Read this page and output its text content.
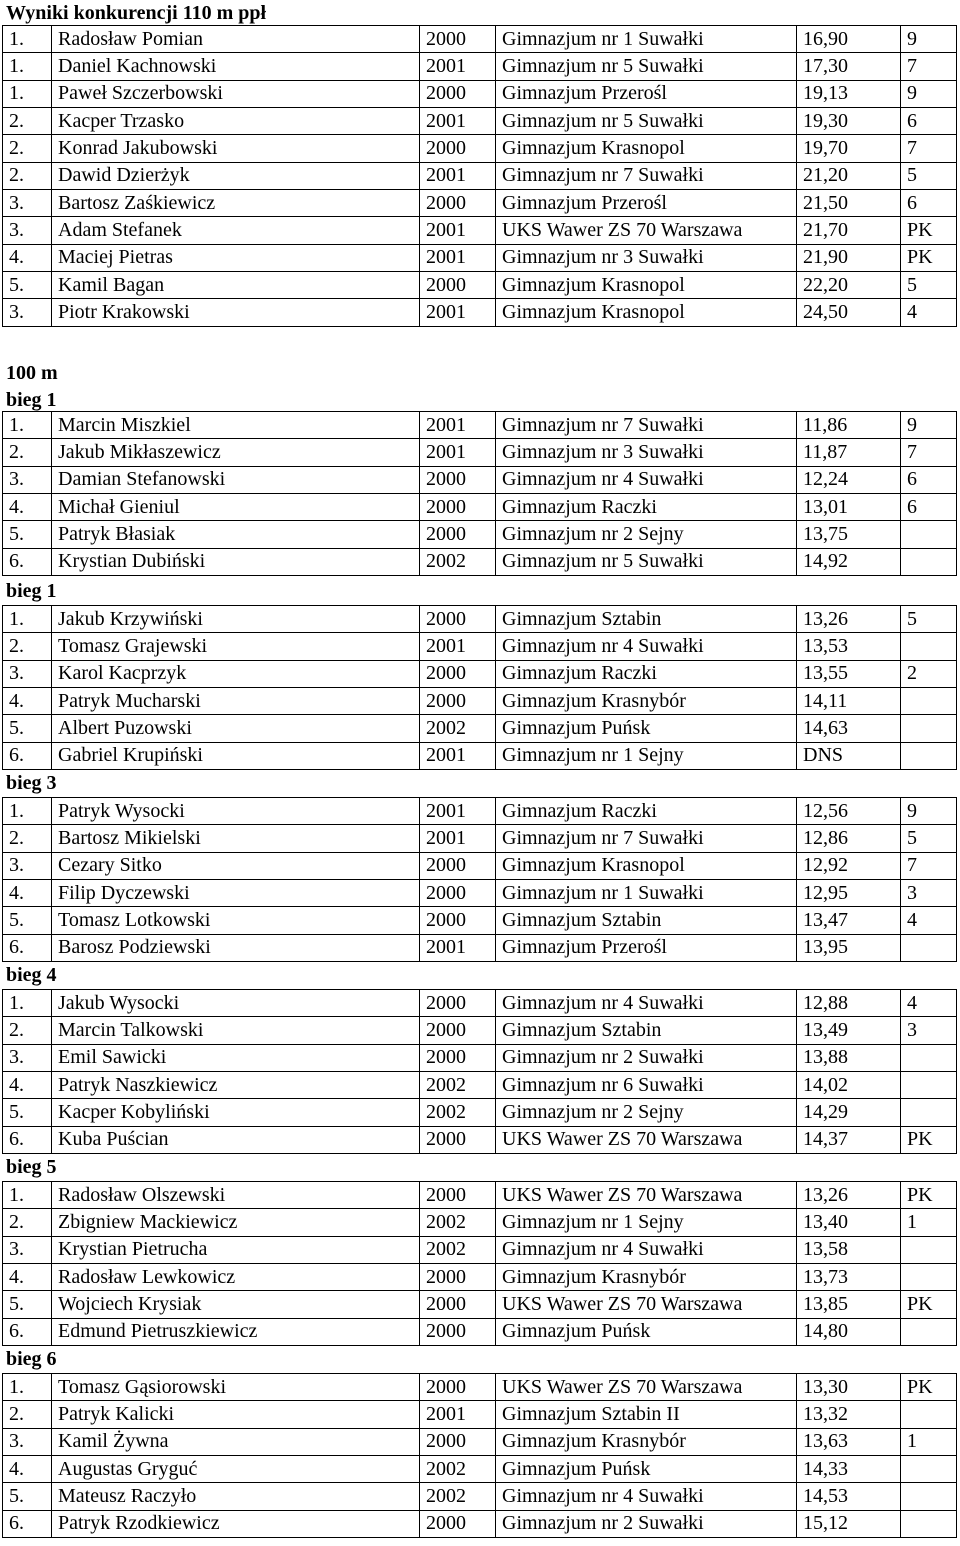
Wyniki konkurencji 110 m ppł
1.	Radosław Pomian	2000	Gimnazjum nr 1 Suwałki	16,90	9
1.	Daniel Kachnowski	2001	Gimnazjum nr 5 Suwałki	17,30	7
1.	Paweł Szczerbowski	2000	Gimnazjum Przerośl	19,13	9
2.	Kacper Trzasko	2001	Gimnazjum nr 5 Suwałki	19,30	6
2.	Konrad Jakubowski	2000	Gimnazjum Krasnopol	19,70	7
2.	Dawid Dzierżyk	2001	Gimnazjum nr 7 Suwałki	21,20	5
3.	Bartosz Zaśkiewicz	2000	Gimnazjum Przerośl	21,50	6
3.	Adam Stefanek	2001	UKS Wawer ZS 70 Warszawa	21,70	PK
4.	Maciej Pietras	2001	Gimnazjum nr 3 Suwałki	21,90	PK
5.	Kamil Bagan	2000	Gimnazjum Krasnopol	22,20	5
3.	Piotr Krakowski	2001	Gimnazjum Krasnopol	24,50	4
100 m
bieg 1
1.	Marcin Miszkiel	2001	Gimnazjum nr 7 Suwałki	11,86	9
2.	Jakub Mikłaszewicz	2001	Gimnazjum nr 3 Suwałki	11,87	7
3.	Damian Stefanowski	2000	Gimnazjum nr 4 Suwałki	12,24	6
4.	Michał Gieniul	2000	Gimnazjum Raczki	13,01	6
5.	Patryk Błasiak	2000	Gimnazjum nr 2 Sejny	13,75	
6.	Krystian Dubiński	2002	Gimnazjum nr 5 Suwałki	14,92	
bieg 1
1.	Jakub Krzywiński	2000	Gimnazjum Sztabin	13,26	5
2.	Tomasz Grajewski	2001	Gimnazjum nr 4 Suwałki	13,53	
3.	Karol Kacprzyk	2000	Gimnazjum Raczki	13,55	2
4.	Patryk Mucharski	2000	Gimnazjum Krasnybór	14,11	
5.	Albert Puzowski	2002	Gimnazjum Puńsk	14,63	
6.	Gabriel Krupiński	2001	Gimnazjum nr 1 Sejny	DNS	
bieg 3
1.	Patryk Wysocki	2001	Gimnazjum Raczki	12,56	9
2.	Bartosz Mikielski	2001	Gimnazjum nr 7 Suwałki	12,86	5
3.	Cezary Sitko	2000	Gimnazjum Krasnopol	12,92	7
4.	Filip Dyczewski	2000	Gimnazjum nr 1 Suwałki	12,95	3
5.	Tomasz Lotkowski	2000	Gimnazjum Sztabin	13,47	4
6.	Barosz Podziewski	2001	Gimnazjum Przerośl	13,95	
bieg 4
1.	Jakub Wysocki	2000	Gimnazjum nr 4 Suwałki	12,88	4
2.	Marcin Talkowski	2000	Gimnazjum Sztabin	13,49	3
3.	Emil Sawicki	2000	Gimnazjum nr 2 Suwałki	13,88	
4.	Patryk Naszkiewicz	2002	Gimnazjum nr 6 Suwałki	14,02	
5.	Kacper Kobyliński	2002	Gimnazjum nr 2 Sejny	14,29	
6.	Kuba Puścian	2000	UKS Wawer ZS 70 Warszawa	14,37	PK
bieg 5
1.	Radosław Olszewski	2000	UKS Wawer ZS 70 Warszawa	13,26	PK
2.	Zbigniew Mackiewicz	2002	Gimnazjum nr 1 Sejny	13,40	1
3.	Krystian Pietrucha	2002	Gimnazjum nr 4 Suwałki	13,58	
4.	Radosław Lewkowicz	2000	Gimnazjum Krasnybór	13,73	
5.	Wojciech Krysiak	2000	UKS Wawer ZS 70 Warszawa	13,85	PK
6.	Edmund Pietruszkiewicz	2000	Gimnazjum Puńsk	14,80	
bieg 6
1.	Tomasz Gąsiorowski	2000	UKS Wawer ZS 70 Warszawa	13,30	PK
2.	Patryk Kalicki	2001	Gimnazjum Sztabin II	13,32	
3.	Kamil Żywna	2000	Gimnazjum Krasnybór	13,63	1
4.	Augustas Gryguć	2002	Gimnazjum Puńsk	14,33	
5.	Mateusz Raczyło	2002	Gimnazjum nr 4 Suwałki	14,53	
6.	Patryk Rzodkiewicz	2000	Gimnazjum nr 2 Suwałki	15,12	
